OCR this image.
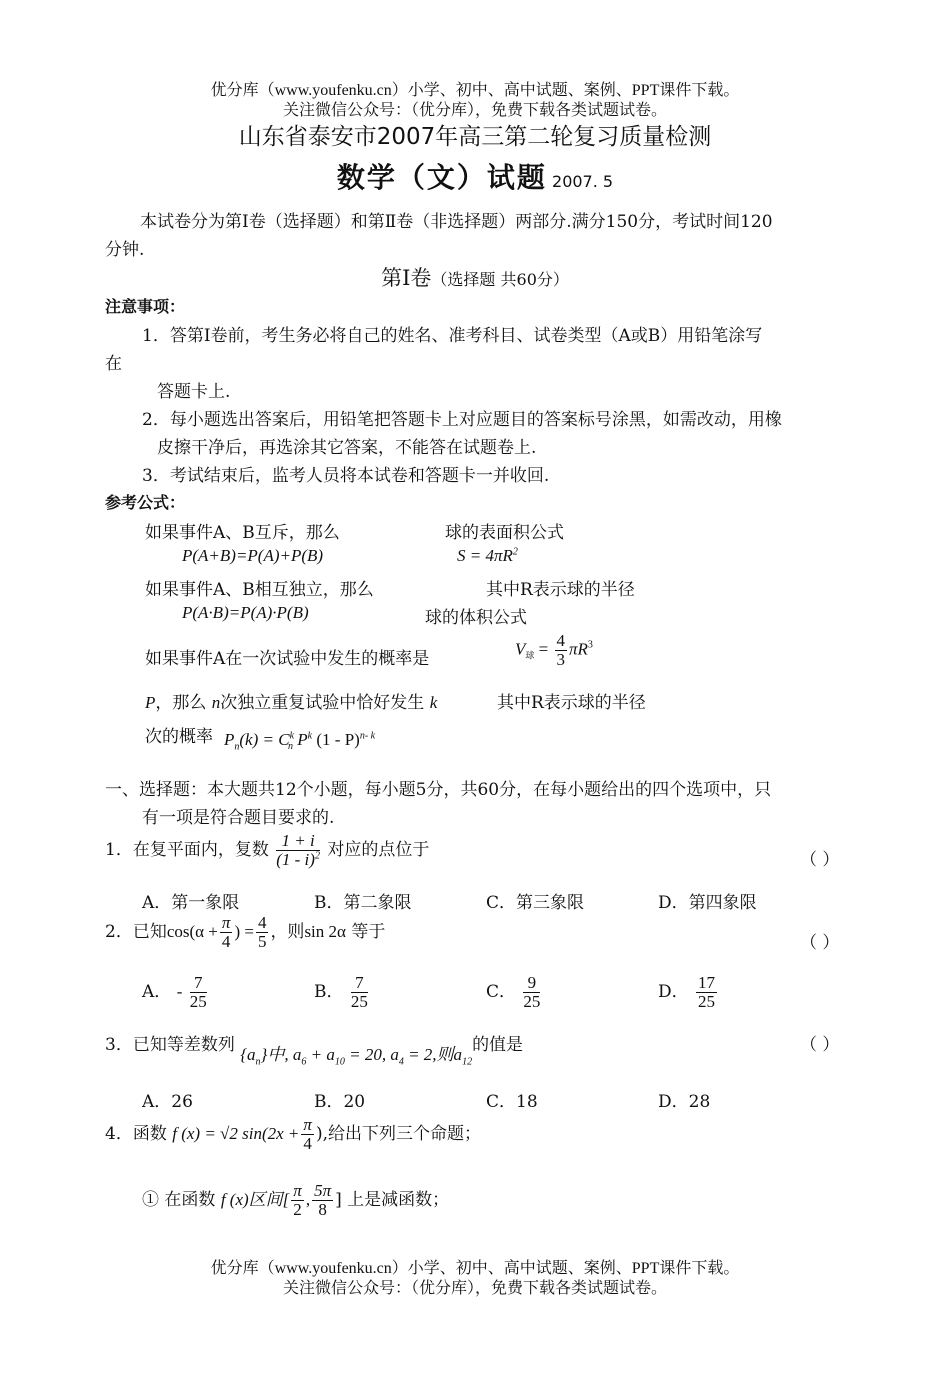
优分库（www.youfenku.cn）小学、初中、高中试题、案例、PPT课件下载。
关注微信公众号：（优分库），免费下载各类试题试卷。
山东省泰安市2007年高三第二轮复习质量检测
数学（文）试题 2007. 5
本试卷分为第Ⅰ卷（选择题）和第Ⅱ卷（非选择题）两部分.满分150分，考试时间120
分钟.
第Ⅰ卷（选择题 共60分）
注意事项：
1．答第Ⅰ卷前，考生务必将自己的姓名、准考科目、试卷类型（A或B）用铅笔涂写
在
答题卡上.
2．每小题选出答案后，用铅笔把答题卡上对应题目的答案标号涂黑，如需改动，用橡
皮擦干净后，再选涂其它答案，不能答在试题卷上.
3．考试结束后，监考人员将本试卷和答题卡一并收回.
参考公式：
如果事件A、B互斥，那么	球的表面积公式
P(A+B)=P(A)+P(B)	$S = 4\pi R^2$
如果事件A、B相互独立，那么	其中R表示球的半径
P(A·B)=P(A)·P(B)	球的体积公式
如果事件A在一次试验中发生的概率是
$V_球 = \frac{4}{3} \pi R^3$
P，那么 n次独立重复试验中恰好发生 k	其中R表示球的半径
次的概率 $P_n(k) = C^k_n$ $P^k$ (1 - P)$^{n- k}$
一、选择题：本大题共12个小题，每小题5分，共60分，在每小题给出的四个选项中，只
有一项是符合题目要求的.
1．在复平面内，复数 $\frac{1 + i}{(1 - i)^2}$ 对应的点位于
（ ）
A．第一象限	B．第二象限	C．第三象限	D．第四象限
2．已知$\cos(\alpha + \frac{\pi}{4}$ ) = $\frac{4}{5}$ ，则sin 2α 等于
（ ）
A． - $\frac{7}{25}$	B． $\frac{7}{25}$	C． $\frac{9}{25}$	D． $\frac{17}{25}$
3．已知等差数列 $\{a_n\}$中, $a_6 + a_{10} = 20$, $a_4 = 2$,则$a_{12}$的值是	（ ）
A．26	B．20	C．18	D．28
4．函数 f (x) = √2 $\sin(2x + \frac{\pi}{4}$ ),给出下列三个命题；
① 在函数 f (x)区间[ $\frac{\pi}{2}$ , $\frac{5\pi}{8}$ ] 上是减函数；
优分库（www.youfenku.cn）小学、初中、高中试题、案例、PPT课件下载。
关注微信公众号：（优分库），免费下载各类试题试卷。
